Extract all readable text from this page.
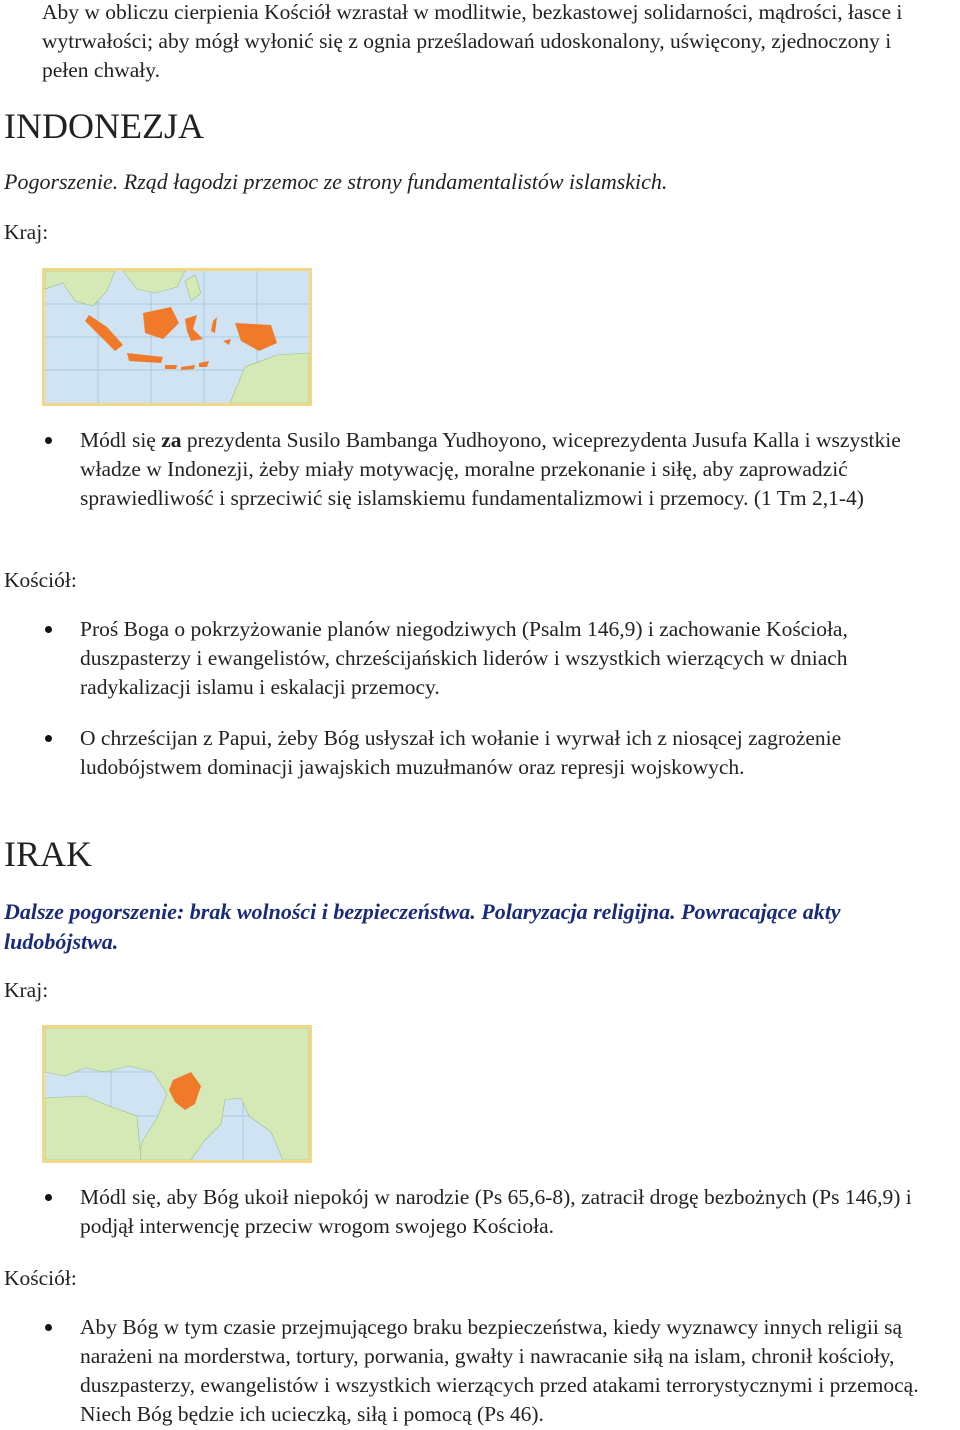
Aby w obliczu cierpienia Kościół wzrastał w modlitwie, bezkastowej solidarności, mądrości, łasce i wytrwałości; aby mógł wyłonić się z ognia prześladowań udoskonalony, uświęcony, zjednoczony i pełen chwały.
INDONEZJA
Pogorszenie. Rząd łagodzi przemoc ze strony fundamentalistów islamskich.
Kraj:
Módl się za prezydenta Susilo Bambanga Yudhoyono, wiceprezydenta Jusufa Kalla i wszystkie władze w Indonezji, żeby miały motywację, moralne przekonanie i siłę, aby zaprowadzić sprawiedliwość i sprzeciwić się islamskiemu fundamentalizmowi i przemocy. (1 Tm 2,1-4)
Kościół:
Proś Boga o pokrzyżowanie planów niegodziwych (Psalm 146,9) i zachowanie Kościoła, duszpasterzy i ewangelistów, chrześcijańskich liderów i wszystkich wierzących w dniach radykalizacji islamu i eskalacji przemocy.
O chrześcijan z Papui, żeby Bóg usłyszał ich wołanie i wyrwał ich z niosącej zagrożenie ludobójstwem dominacji jawajskich muzułmanów oraz represji wojskowych.
IRAK
Dalsze pogorszenie: brak wolności i bezpieczeństwa. Polaryzacja religijna. Powracające akty ludobójstwa.
Kraj:
Módl się, aby Bóg ukoił niepokój w narodzie (Ps 65,6-8), zatracił drogę bezbożnych (Ps 146,9) i podjął interwencję przeciw wrogom swojego Kościoła.
Kościół:
Aby Bóg w tym czasie przejmującego braku bezpieczeństwa, kiedy wyznawcy innych religii są narażeni na morderstwa, tortury, porwania, gwałty i nawracanie siłą na islam, chronił kościoły, duszpasterzy, ewangelistów i wszystkich wierzących przed atakami terrorystycznymi i przemocą. Niech Bóg będzie ich ucieczką, siłą i pomocą (Ps 46).
